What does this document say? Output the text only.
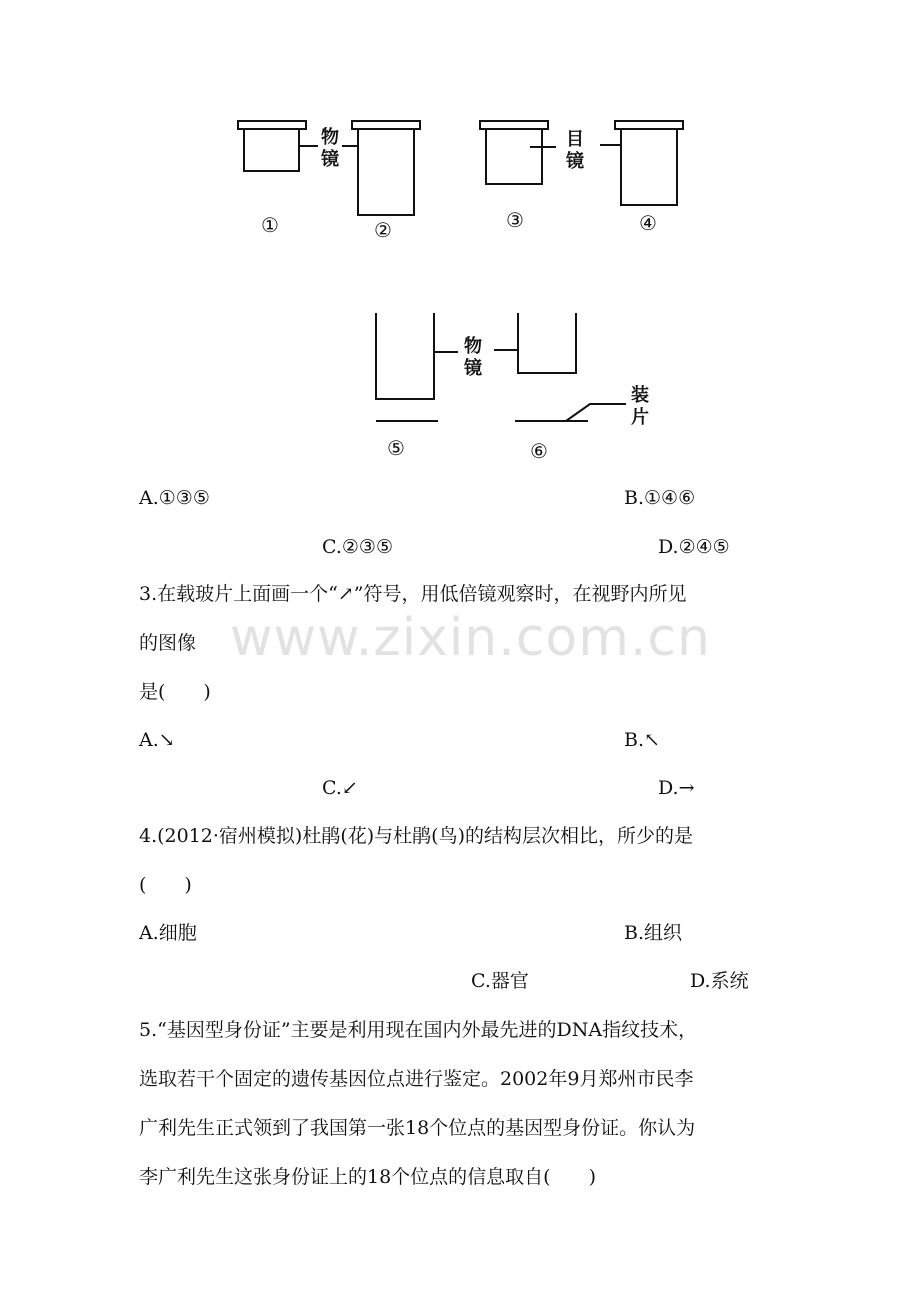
物
镜
目
镜
物
镜
装
片
①	②	③	④
⑤	⑥
A.①③⑤	B.①④⑥
C.②③⑤	D.②④⑤
www.zixin.com.cn
3.在载玻片上面画一个“↗”符号，用低倍镜观察时，在视野内所见
的图像
是(　　)
A.↘	B.↖
C.↙	D.→
4.(2012·宿州模拟)杜鹃(花)与杜鹃(鸟)的结构层次相比，所少的是
(　　)
A.细胞	B.组织
C.器官	D.系统
5.“基因型身份证”主要是利用现在国内外最先进的DNA指纹技术，
选取若干个固定的遗传基因位点进行鉴定。2002年9月郑州市民李
广利先生正式领到了我国第一张18个位点的基因型身份证。你认为
李广利先生这张身份证上的18个位点的信息取自(　　)
